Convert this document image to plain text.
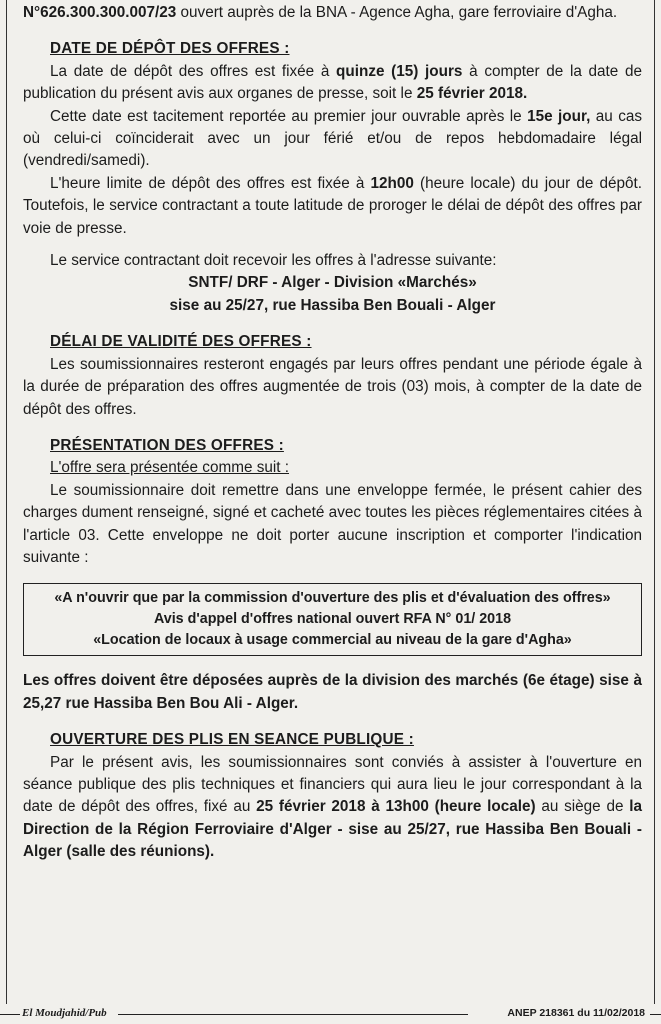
N°626.300.300.007/23 ouvert auprès de la BNA - Agence Agha, gare ferroviaire d'Agha.

DATE DE DÉPÔT DES OFFRES :

La date de dépôt des offres est fixée à quinze (15) jours à compter de la date de publication du présent avis aux organes de presse, soit le 25 février 2018.

Cette date est tacitement reportée au premier jour ouvrable après le 15e jour, au cas où celui-ci coïnciderait avec un jour férié et/ou de repos hebdomadaire légal (vendredi/samedi).

L'heure limite de dépôt des offres est fixée à 12h00 (heure locale) du jour de dépôt. Toutefois, le service contractant a toute latitude de proroger le délai de dépôt des offres par voie de presse.

Le service contractant doit recevoir les offres à l'adresse suivante:

SNTF/ DRF - Alger - Division «Marchés»

sise au 25/27, rue Hassiba Ben Bouali - Alger

DÉLAI DE VALIDITÉ DES OFFRES :

Les soumissionnaires resteront engagés par leurs offres pendant une période égale à la durée de préparation des offres augmentée de trois (03) mois, à compter de la date de dépôt des offres.

PRÉSENTATION DES OFFRES :

L'offre sera présentée comme suit :

Le soumissionnaire doit remettre dans une enveloppe fermée, le présent cahier des charges dument renseigné, signé et cacheté avec toutes les pièces réglementaires citées à l'article 03. Cette enveloppe ne doit porter aucune inscription et comporter l'indication suivante :

«A n'ouvrir que par la commission d'ouverture des plis et d'évaluation des offres»

Avis d'appel d'offres national ouvert RFA N° 01/ 2018

«Location de locaux à usage commercial au niveau de la gare d'Agha»

Les offres doivent être déposées auprès de la division des marchés (6e étage) sise à 25,27 rue Hassiba Ben Bou Ali - Alger.

OUVERTURE DES PLIS EN SEANCE PUBLIQUE :

Par le présent avis, les soumissionnaires sont conviés à assister à l'ouverture en séance publique des plis techniques et financiers qui aura lieu le jour correspondant à la date de dépôt des offres, fixé au 25 février 2018 à 13h00 (heure locale) au siège de la Direction de la Région Ferroviaire d'Alger - sise au 25/27, rue Hassiba Ben Bouali - Alger (salle des réunions).

El Moudjahid/Pub	ANEP 218361 du 11/02/2018
